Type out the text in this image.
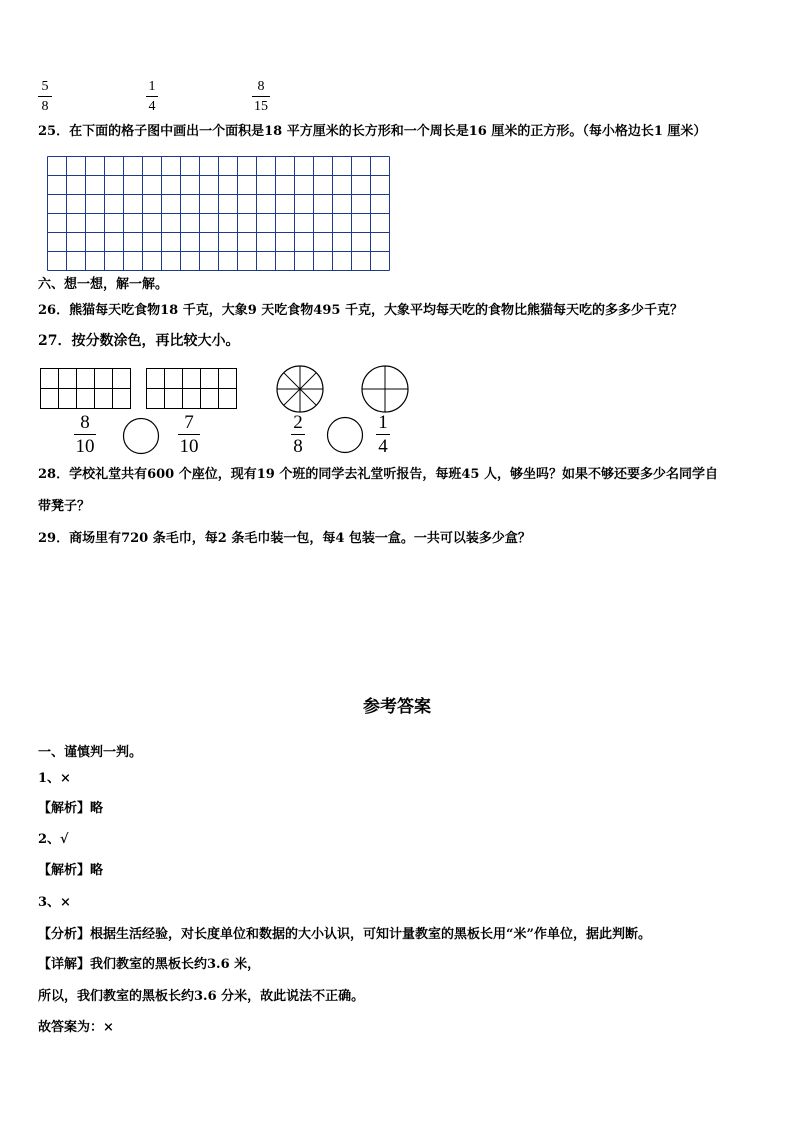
5
8
1
4
8
15
25．在下面的格子图中画出一个面积是18 平方厘米的长方形和一个周长是16 厘米的正方形。（每小格边长1 厘米）
六、想一想，解一解。
26．熊猫每天吃食物18 千克，大象9 天吃食物495 千克，大象平均每天吃的食物比熊猫每天吃的多多少千克？
27．按分数涂色，再比较大小。
8
10
7
10
2
8
1
4
28．学校礼堂共有600 个座位，现有19 个班的同学去礼堂听报告，每班45 人，够坐吗？如果不够还要多少名同学自
带凳子？
29．商场里有720 条毛巾，每2 条毛巾装一包，每4 包装一盒。一共可以装多少盒？
参考答案
一、谨慎判一判。
1、×
【解析】略
2、√
【解析】略
3、×
【分析】根据生活经验，对长度单位和数据的大小认识，可知计量教室的黑板长用“米”作单位，据此判断。
【详解】我们教室的黑板长约3.6 米，
所以，我们教室的黑板长约3.6 分米，故此说法不正确。
故答案为：×
